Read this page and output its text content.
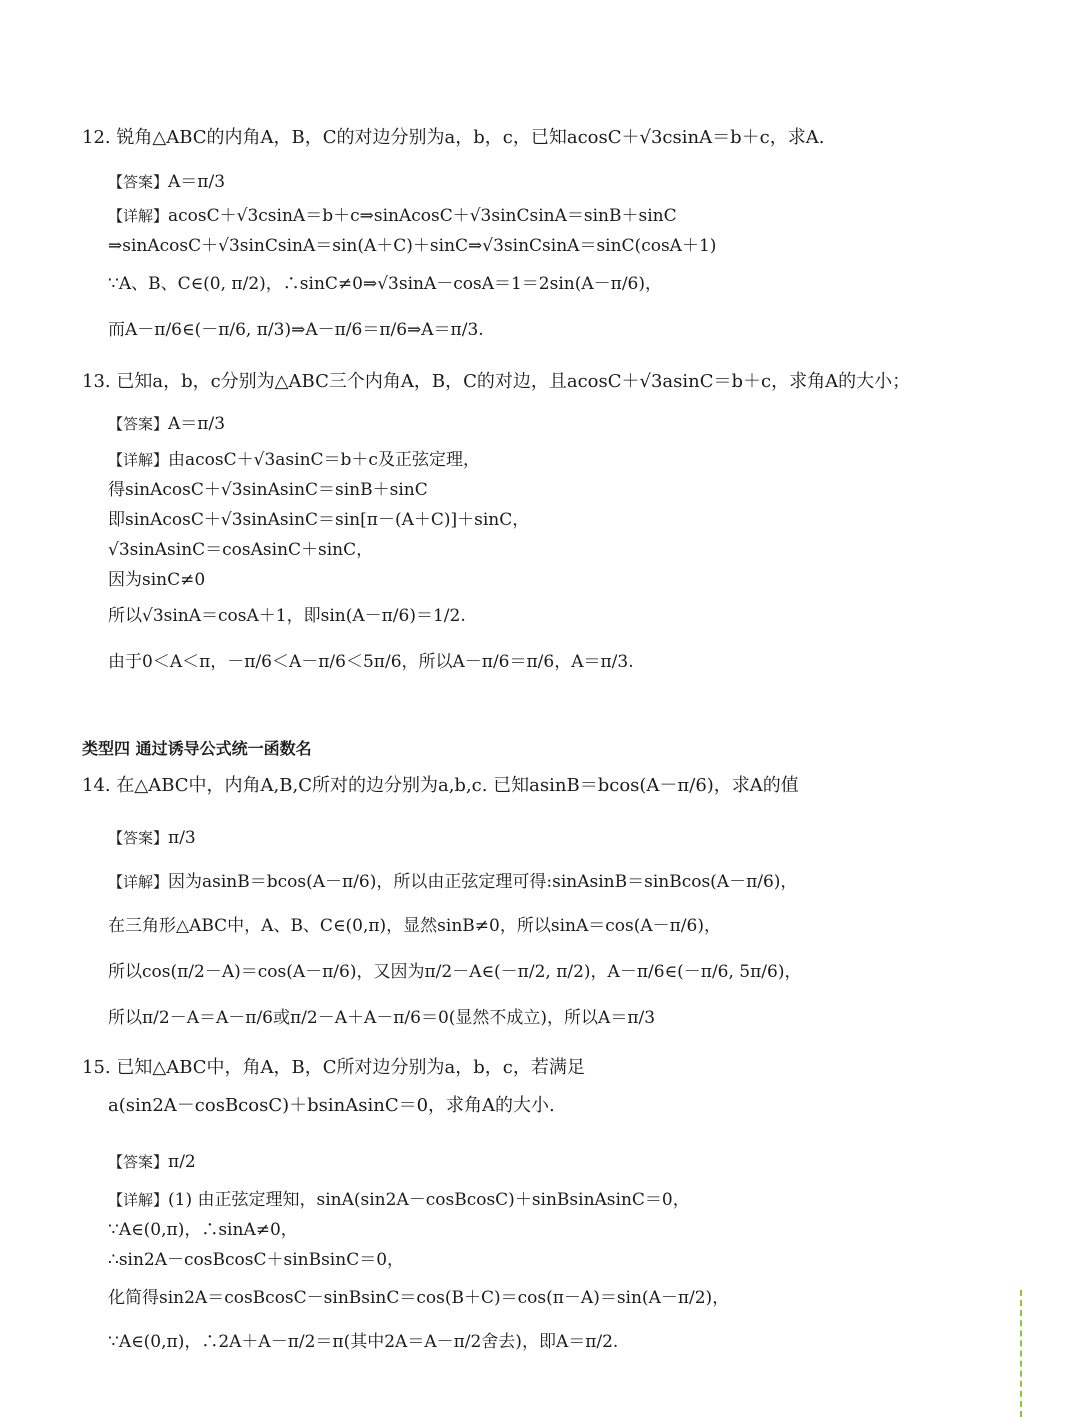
12. 锐角△ABC的内角A，B，C的对边分别为a，b，c，已知acosC＋√3csinA＝b＋c，求A.
【答案】A＝π/3
【详解】acosC＋√3csinA＝b＋c⇒sinAcosC＋√3sinCsinA＝sinB＋sinC
⇒sinAcosC＋√3sinCsinA＝sin(A＋C)＋sinC⇒√3sinCsinA＝sinC(cosA＋1)
∵A、B、C∈(0, π/2)，∴sinC≠0⇒√3sinA－cosA＝1＝2sin(A－π/6)，
而A－π/6∈(－π/6, π/3)⇒A－π/6＝π/6⇒A＝π/3.
13. 已知a，b，c分别为△ABC三个内角A，B，C的对边，且acosC＋√3asinC＝b＋c，求角A的大小；
【答案】A＝π/3
【详解】由acosC＋√3asinC＝b＋c及正弦定理，
得sinAcosC＋√3sinAsinC＝sinB＋sinC
即sinAcosC＋√3sinAsinC＝sin[π－(A＋C)]＋sinC，
√3sinAsinC＝cosAsinC＋sinC，
因为sinC≠0
所以√3sinA＝cosA＋1，即sin(A－π/6)＝1/2.
由于0＜A＜π，－π/6＜A－π/6＜5π/6，所以A－π/6＝π/6，A＝π/3.
类型四 通过诱导公式统一函数名
14. 在△ABC中，内角A,B,C所对的边分别为a,b,c. 已知asinB＝bcos(A－π/6)，求A的值
【答案】π/3
【详解】因为asinB＝bcos(A－π/6)，所以由正弦定理可得:sinAsinB＝sinBcos(A－π/6)，
在三角形△ABC中，A、B、C∈(0,π)，显然sinB≠0，所以sinA＝cos(A－π/6)，
所以cos(π/2－A)＝cos(A－π/6)，又因为π/2－A∈(－π/2, π/2)，A－π/6∈(－π/6, 5π/6)，
所以π/2－A＝A－π/6或π/2－A＋A－π/6＝0(显然不成立)，所以A＝π/3
15. 已知△ABC中，角A，B，C所对边分别为a，b，c，若满足
a(sin2A－cosBcosC)＋bsinAsinC＝0，求角A的大小.
【答案】π/2
【详解】(1) 由正弦定理知，sinA(sin2A－cosBcosC)＋sinBsinAsinC＝0，
∵A∈(0,π)，∴sinA≠0，
∴sin2A－cosBcosC＋sinBsinC＝0，
化简得sin2A＝cosBcosC－sinBsinC＝cos(B＋C)＝cos(π－A)＝sin(A－π/2)，
∵A∈(0,π)，∴2A＋A－π/2＝π(其中2A＝A－π/2舍去)，即A＝π/2.
